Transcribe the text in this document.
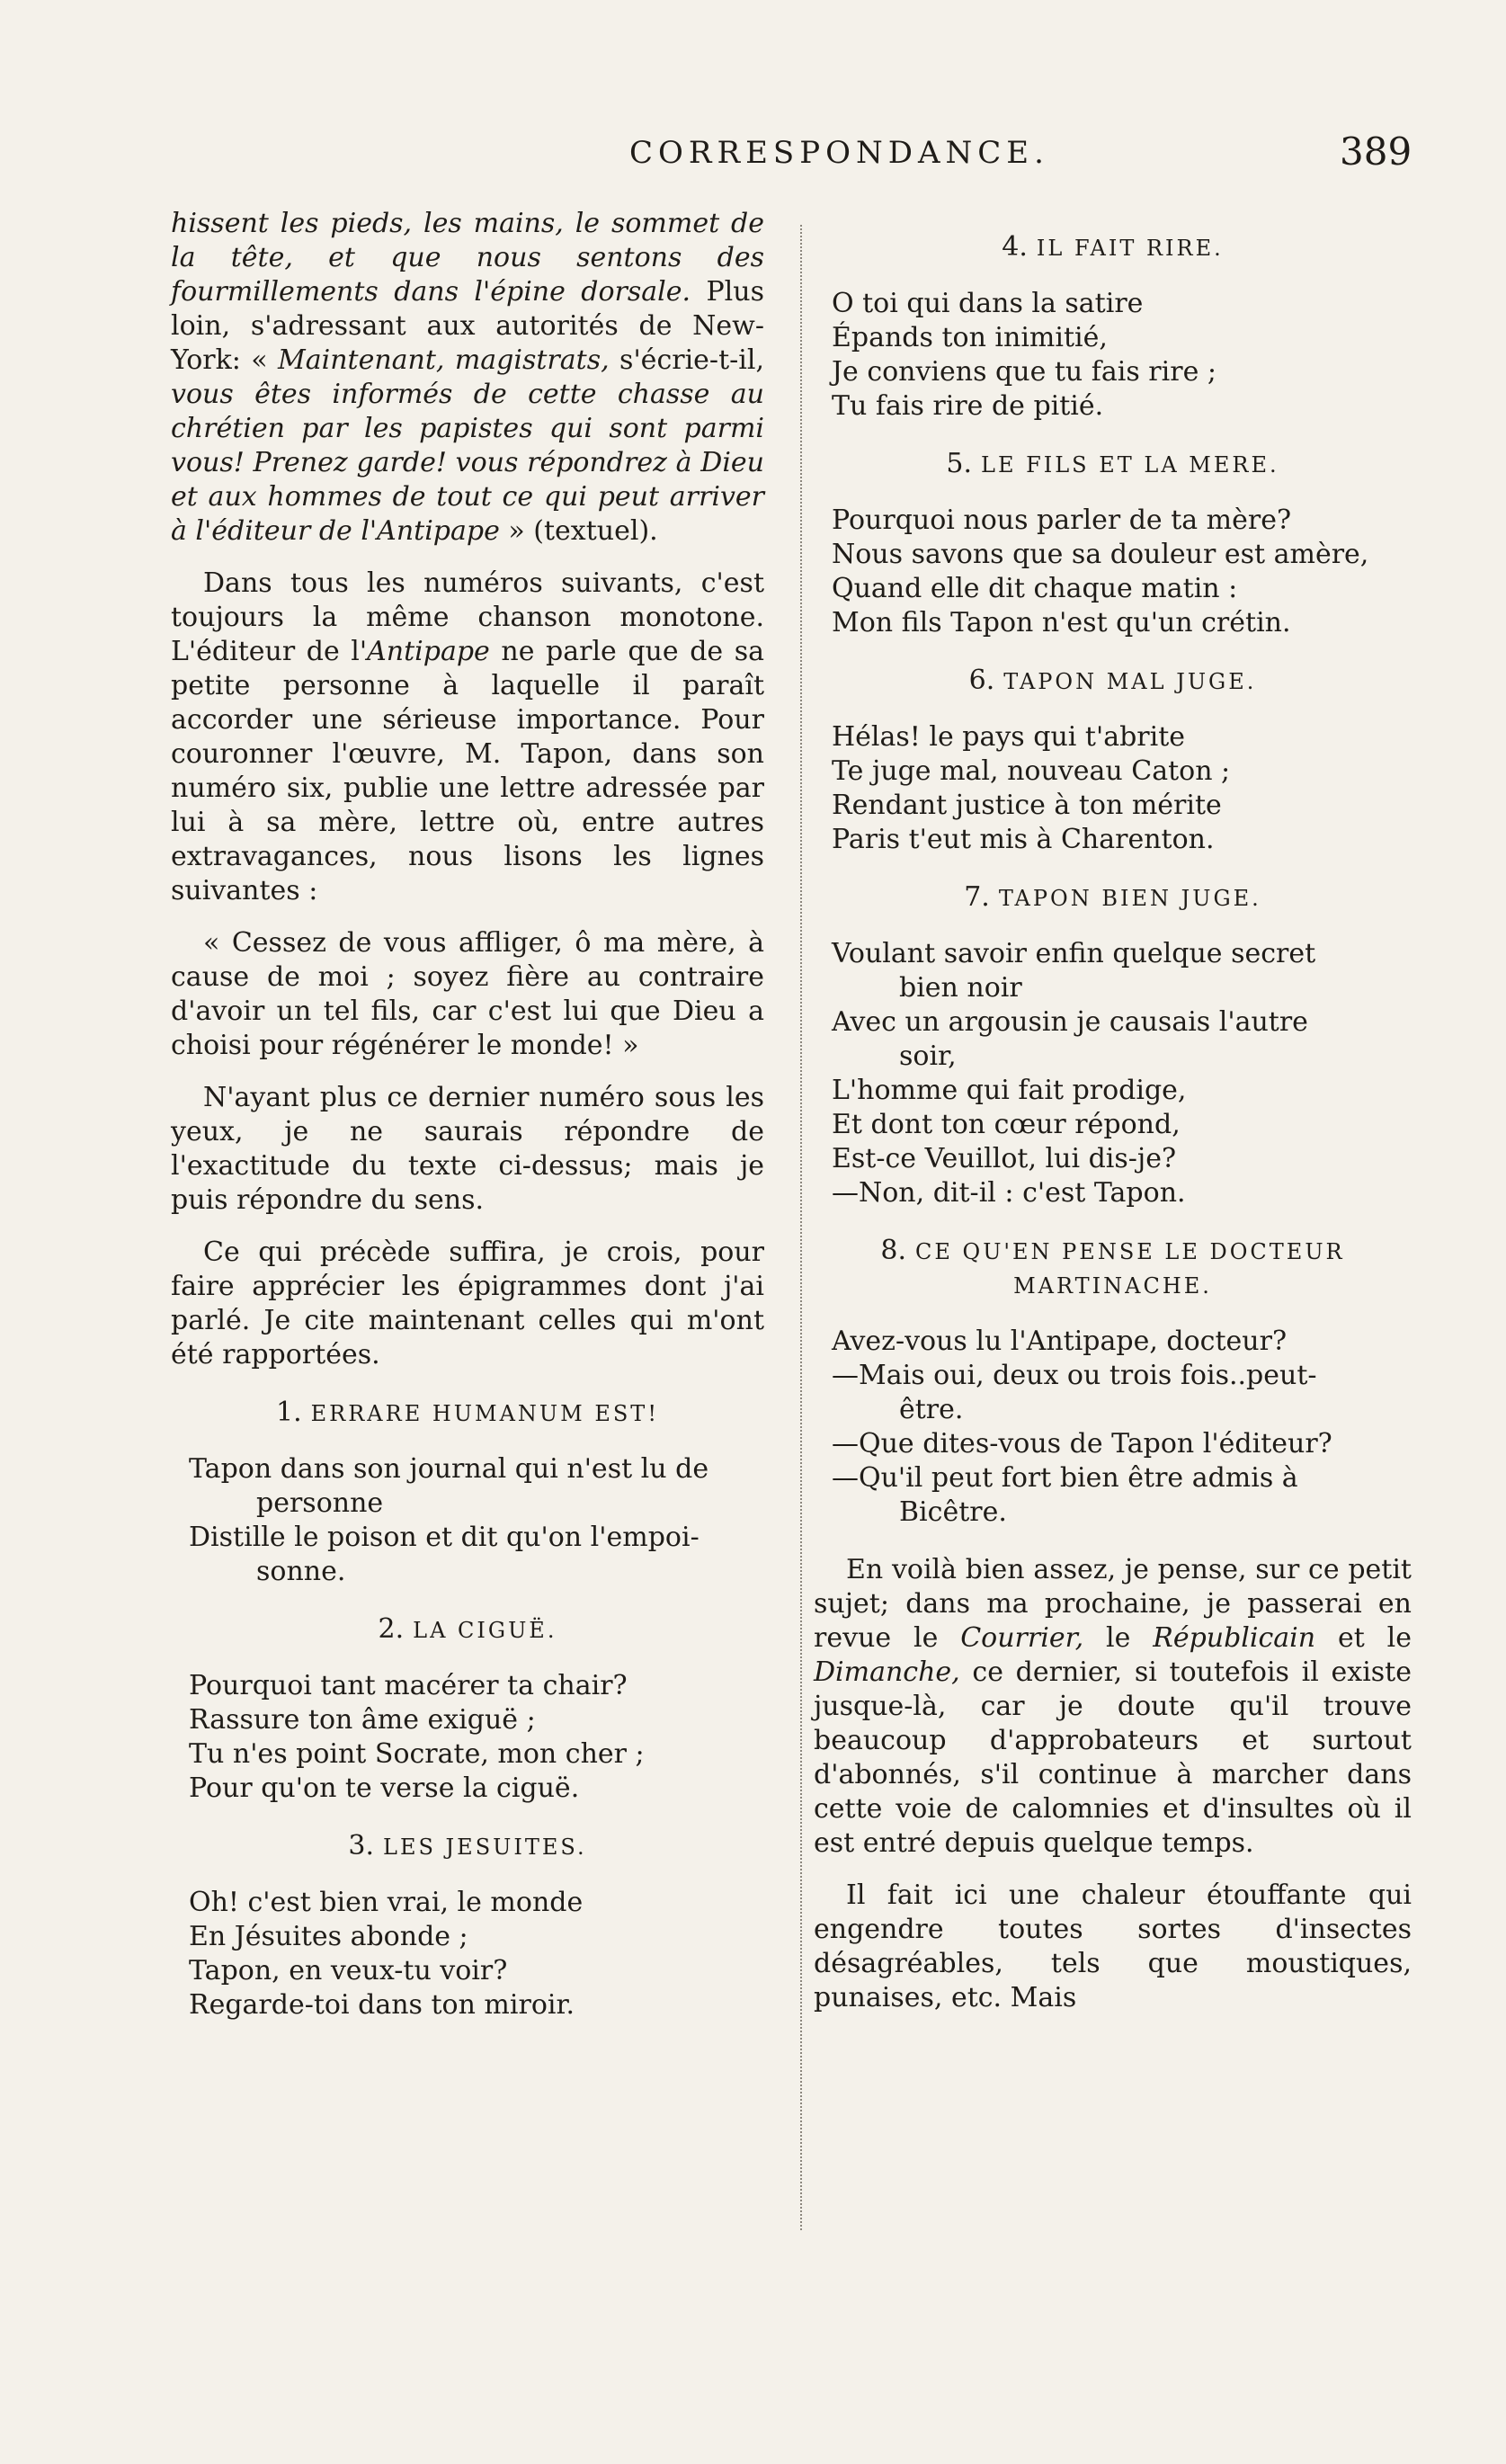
CORRESPONDANCE.	389

hissent les pieds, les mains, le sommet de la tête, et que nous sentons des fourmillements dans l'épine dorsale. Plus loin, s'adressant aux autorités de New-York: « Maintenant, magistrats, s'écrie-t-il, vous êtes informés de cette chasse au chrétien par les papistes qui sont parmi vous! Prenez garde! vous répondrez à Dieu et aux hommes de tout ce qui peut arriver à l'éditeur de l'Antipape » (textuel).

Dans tous les numéros suivants, c'est toujours la même chanson monotone. L'éditeur de l'Antipape ne parle que de sa petite personne à laquelle il paraît accorder une sérieuse importance. Pour couronner l'œuvre, M. Tapon, dans son numéro six, publie une lettre adressée par lui à sa mère, lettre où, entre autres extravagances, nous lisons les lignes suivantes :

« Cessez de vous affliger, ô ma mère, à cause de moi ; soyez fière au contraire d'avoir un tel fils, car c'est lui que Dieu a choisi pour régénérer le monde! »

N'ayant plus ce dernier numéro sous les yeux, je ne saurais répondre de l'exactitude du texte ci-dessus; mais je puis répondre du sens.

Ce qui précède suffira, je crois, pour faire apprécier les épigrammes dont j'ai parlé. Je cite maintenant celles qui m'ont été rapportées.

1. ERRARE HUMANUM EST!
Tapon dans son journal qui n'est lu de
personne
Distille le poison et dit qu'on l'empoi-
sonne.
2. LA CIGUË.
Pourquoi tant macérer ta chair?
Rassure ton âme exiguë ;
Tu n'es point Socrate, mon cher ;
Pour qu'on te verse la ciguë.
3. LES JESUITES.
Oh! c'est bien vrai, le monde
En Jésuites abonde ;
Tapon, en veux-tu voir?
Regarde-toi dans ton miroir.
4. IL FAIT RIRE.
O toi qui dans la satire
Épands ton inimitié,
Je conviens que tu fais rire ;
Tu fais rire de pitié.
5. LE FILS ET LA MERE.
Pourquoi nous parler de ta mère?
Nous savons que sa douleur est amère,
Quand elle dit chaque matin :
Mon fils Tapon n'est qu'un crétin.
6. TAPON MAL JUGE.
Hélas! le pays qui t'abrite
Te juge mal, nouveau Caton ;
Rendant justice à ton mérite
Paris t'eut mis à Charenton.
7. TAPON BIEN JUGE.
Voulant savoir enfin quelque secret
bien noir
Avec un argousin je causais l'autre
soir,
L'homme qui fait prodige,
Et dont ton cœur répond,
Est-ce Veuillot, lui dis-je?
—Non, dit-il : c'est Tapon.
8. CE QU'EN PENSE LE DOCTEUR MARTINACHE.
Avez-vous lu l'Antipape, docteur?
—Mais oui, deux ou trois fois..peut-
être.
—Que dites-vous de Tapon l'éditeur?
—Qu'il peut fort bien être admis à
Bicêtre.

En voilà bien assez, je pense, sur ce petit sujet; dans ma prochaine, je passerai en revue le Courrier, le Républicain et le Dimanche, ce dernier, si toutefois il existe jusque-là, car je doute qu'il trouve beaucoup d'approbateurs et surtout d'abonnés, s'il continue à marcher dans cette voie de calomnies et d'insultes où il est entré depuis quelque temps.

Il fait ici une chaleur étouffante qui engendre toutes sortes d'insectes désagréables, tels que moustiques, punaises, etc. Mais
